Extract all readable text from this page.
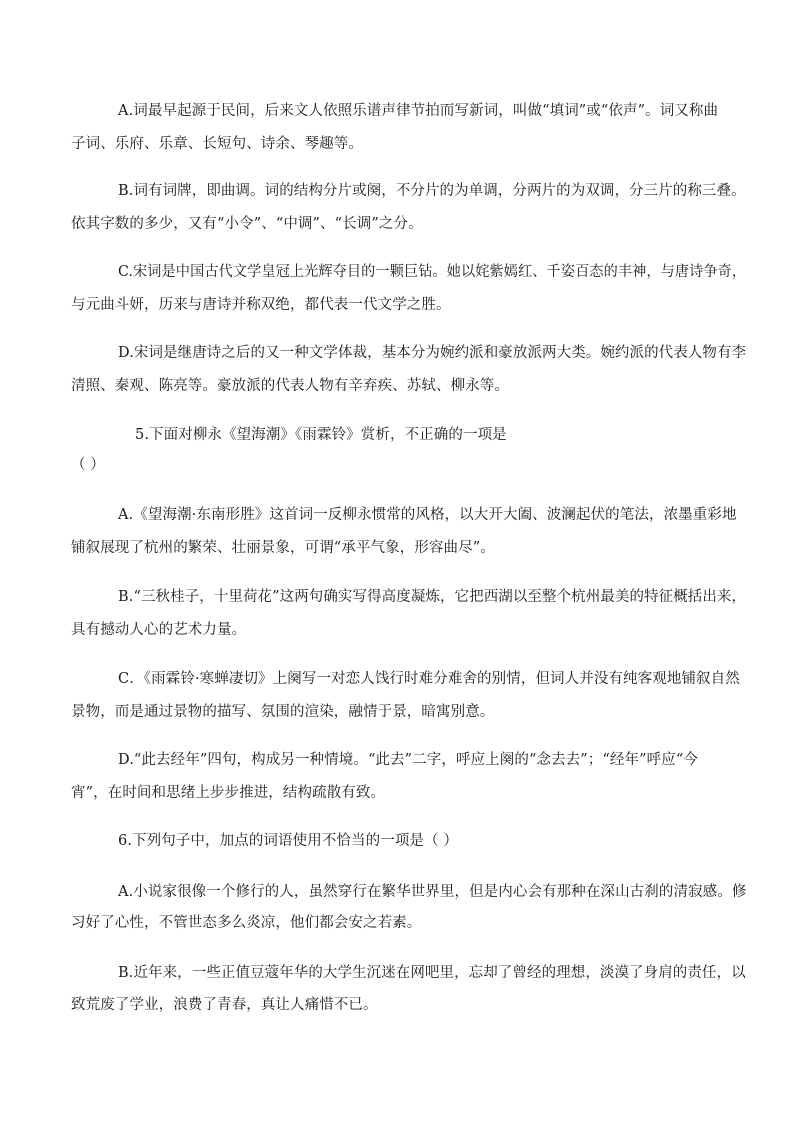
A.词最早起源于民间，后来文人依照乐谱声律节拍而写新词，叫做“填词”或“依声”。词又称曲
子词、乐府、乐章、长短句、诗余、琴趣等。
B.词有词牌，即曲调。词的结构分片或阕，不分片的为单调，分两片的为双调，分三片的称三叠。
依其字数的多少，又有“小令”、“中调”、“长调”之分。
C.宋词是中国古代文学皇冠上光辉夺目的一颗巨钻。她以姹紫嫣红、千姿百态的丰神，与唐诗争奇，
与元曲斗妍，历来与唐诗并称双绝，都代表一代文学之胜。
D.宋词是继唐诗之后的又一种文学体裁，基本分为婉约派和豪放派两大类。婉约派的代表人物有李
清照、秦观、陈亮等。豪放派的代表人物有辛弃疾、苏轼、柳永等。
5.下面对柳永《望海潮》《雨霖铃》赏析，不正确的一项是
（ ）
A.《望海潮·东南形胜》这首词一反柳永惯常的风格，以大开大阖、波澜起伏的笔法，浓墨重彩地
铺叙展现了杭州的繁荣、壮丽景象，可谓“承平气象，形容曲尽”。
B.“三秋桂子，十里荷花”这两句确实写得高度凝炼，它把西湖以至整个杭州最美的特征概括出来，
具有撼动人心的艺术力量。
C．《雨霖铃·寒蝉凄切》上阕写一对恋人饯行时难分难舍的别情，但词人并没有纯客观地铺叙自然
景物，而是通过景物的描写、氛围的渲染，融情于景，暗寓别意。
D.“此去经年”四句，构成另一种情境。“此去”二字，呼应上阕的“念去去”；“经年”呼应“今
宵”，在时间和思绪上步步推进，结构疏散有致。
6.下列句子中，加点的词语使用不恰当的一项是（ ）
A.小说家很像一个修行的人，虽然穿行在繁华世界里，但是内心会有那种在深山古刹的清寂感。修
习好了心性，不管世态多么炎凉，他们都会安之若素。
B.近年来，一些正值豆蔻年华的大学生沉迷在网吧里，忘却了曾经的理想，淡漠了身肩的责任，以
致荒废了学业，浪费了青春，真让人痛惜不已。
